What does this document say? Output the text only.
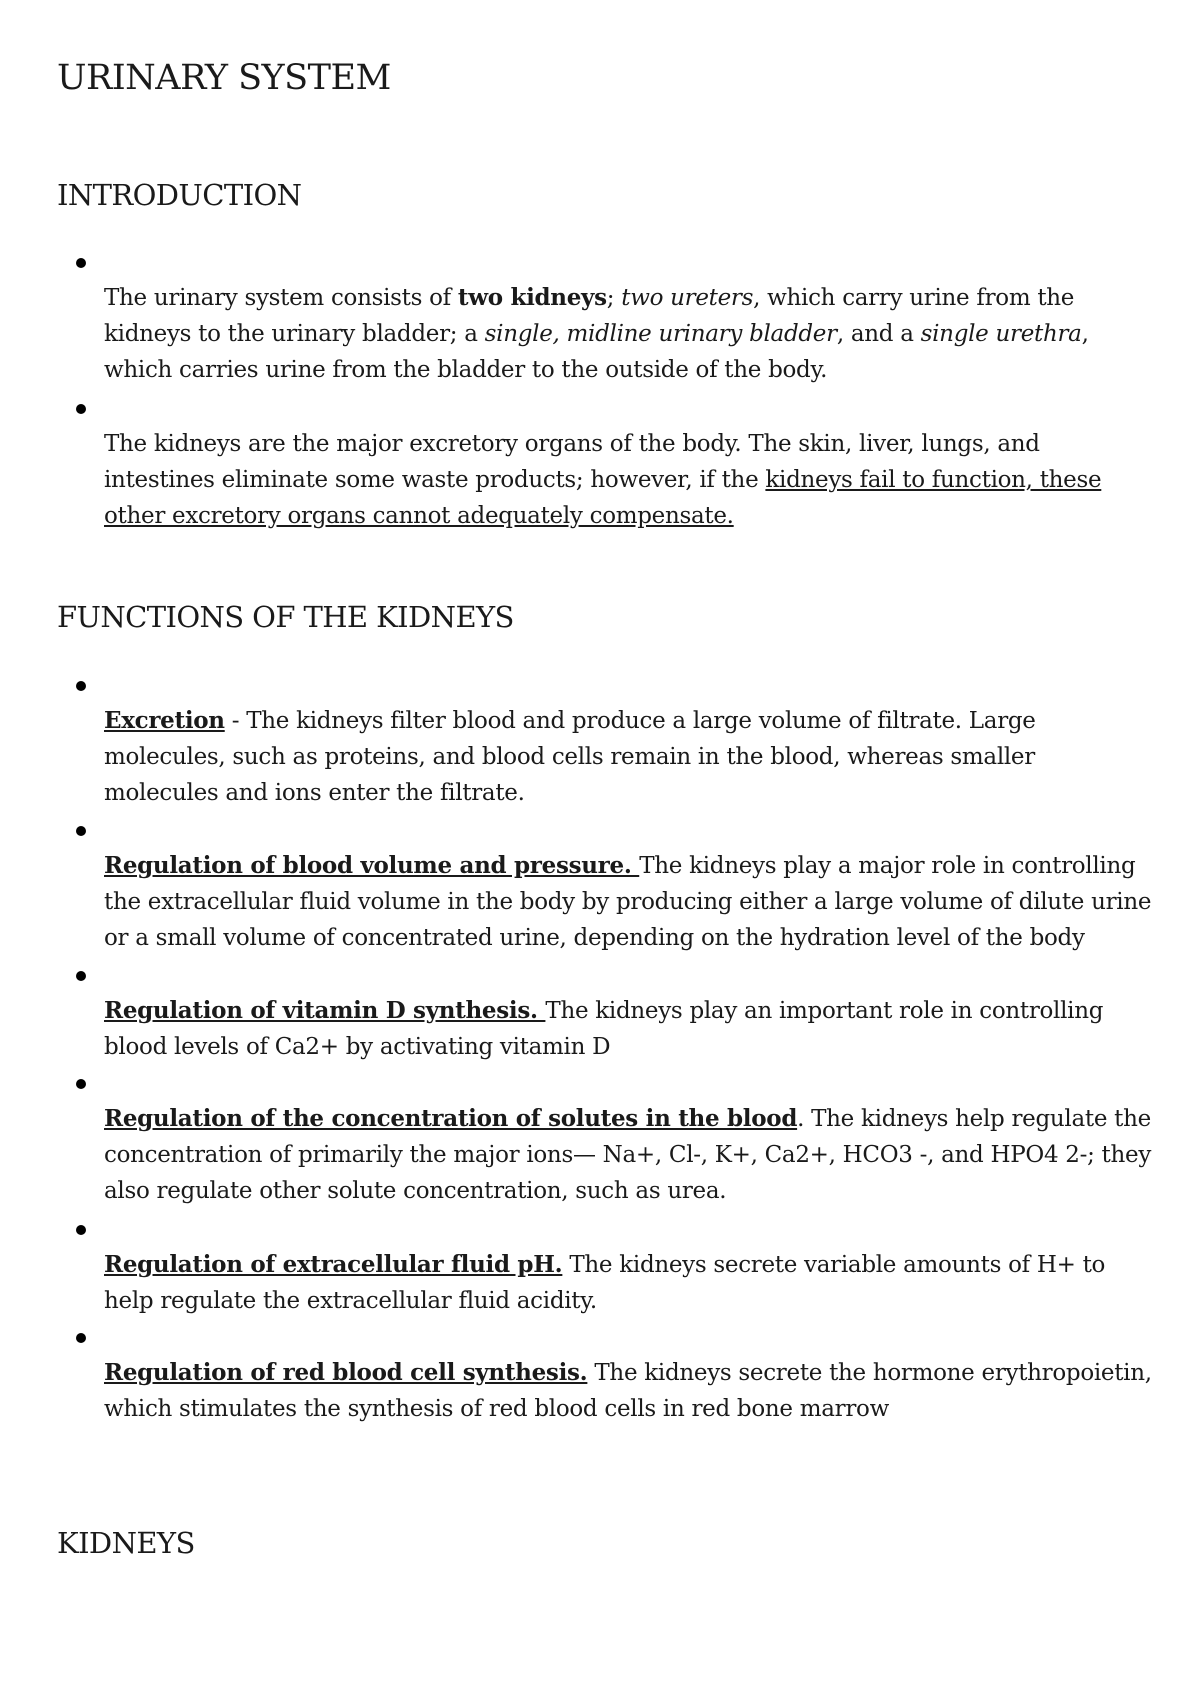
URINARY SYSTEM
INTRODUCTION

The urinary system consists of two kidneys; two ureters, which carry urine from the kidneys to the urinary bladder; a single, midline urinary bladder, and a single urethra, which carries urine from the bladder to the outside of the body.

The kidneys are the major excretory organs of the body. The skin, liver, lungs, and intestines eliminate some waste products; however, if the kidneys fail to function, these other excretory organs cannot adequately compensate.

FUNCTIONS OF THE KIDNEYS

Excretion - The kidneys filter blood and produce a large volume of filtrate. Large molecules, such as proteins, and blood cells remain in the blood, whereas smaller molecules and ions enter the filtrate.

Regulation of blood volume and pressure. The kidneys play a major role in controlling the extracellular fluid volume in the body by producing either a large volume of dilute urine or a small volume of concentrated urine, depending on the hydration level of the body

Regulation of vitamin D synthesis. The kidneys play an important role in controlling blood levels of Ca2+ by activating vitamin D

Regulation of the concentration of solutes in the blood. The kidneys help regulate the concentration of primarily the major ions— Na+, Cl-, K+, Ca2+, HCO3 -, and HPO4 2-; they also regulate other solute concentration, such as urea.

Regulation of extracellular fluid pH. The kidneys secrete variable amounts of H+ to help regulate the extracellular fluid acidity.

Regulation of red blood cell synthesis. The kidneys secrete the hormone erythropoietin, which stimulates the synthesis of red blood cells in red bone marrow

KIDNEYS
